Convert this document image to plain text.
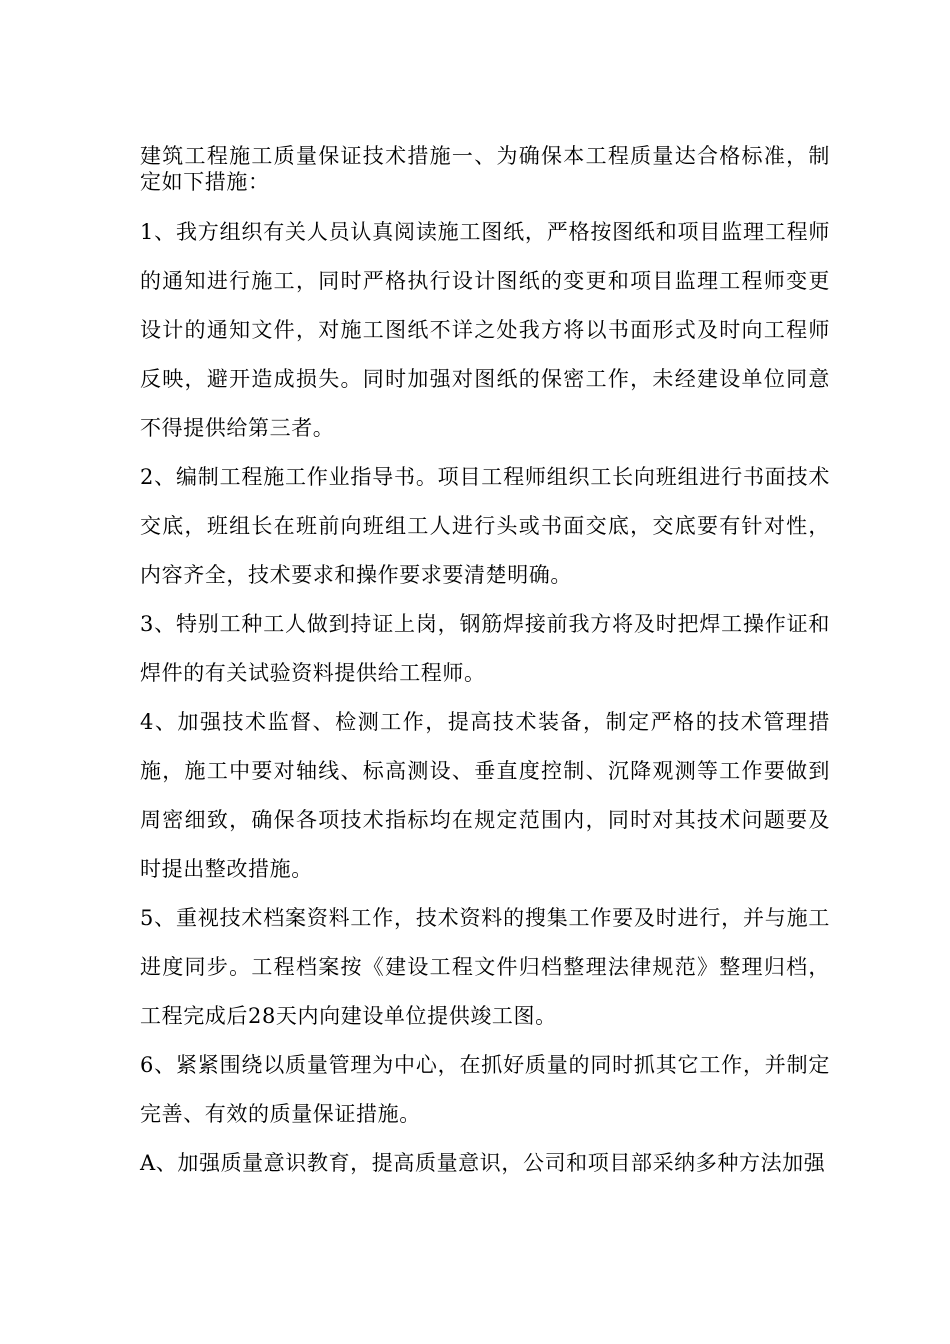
建筑工程施工质量保证技术措施一、为确保本工程质量达合格标准，制定如下措施：

1、我方组织有关人员认真阅读施工图纸，严格按图纸和项目监理工程师的通知进行施工，同时严格执行设计图纸的变更和项目监理工程师变更设计的通知文件，对施工图纸不详之处我方将以书面形式及时向工程师反映，避开造成损失。同时加强对图纸的保密工作，未经建设单位同意不得提供给第三者。

2、编制工程施工作业指导书。项目工程师组织工长向班组进行书面技术交底，班组长在班前向班组工人进行头或书面交底，交底要有针对性，内容齐全，技术要求和操作要求要清楚明确。

3、特别工种工人做到持证上岗，钢筋焊接前我方将及时把焊工操作证和焊件的有关试验资料提供给工程师。

4、加强技术监督、检测工作，提高技术装备，制定严格的技术管理措施，施工中要对轴线、标高测设、垂直度控制、沉降观测等工作要做到周密细致，确保各项技术指标均在规定范围内，同时对其技术问题要及时提出整改措施。

5、重视技术档案资料工作，技术资料的搜集工作要及时进行，并与施工进度同步。工程档案按《建设工程文件归档整理法律规范》整理归档，工程完成后28天内向建设单位提供竣工图。

6、紧紧围绕以质量管理为中心，在抓好质量的同时抓其它工作，并制定完善、有效的质量保证措施。

A、加强质量意识教育，提高质量意识，公司和项目部采纳多种方法加强
